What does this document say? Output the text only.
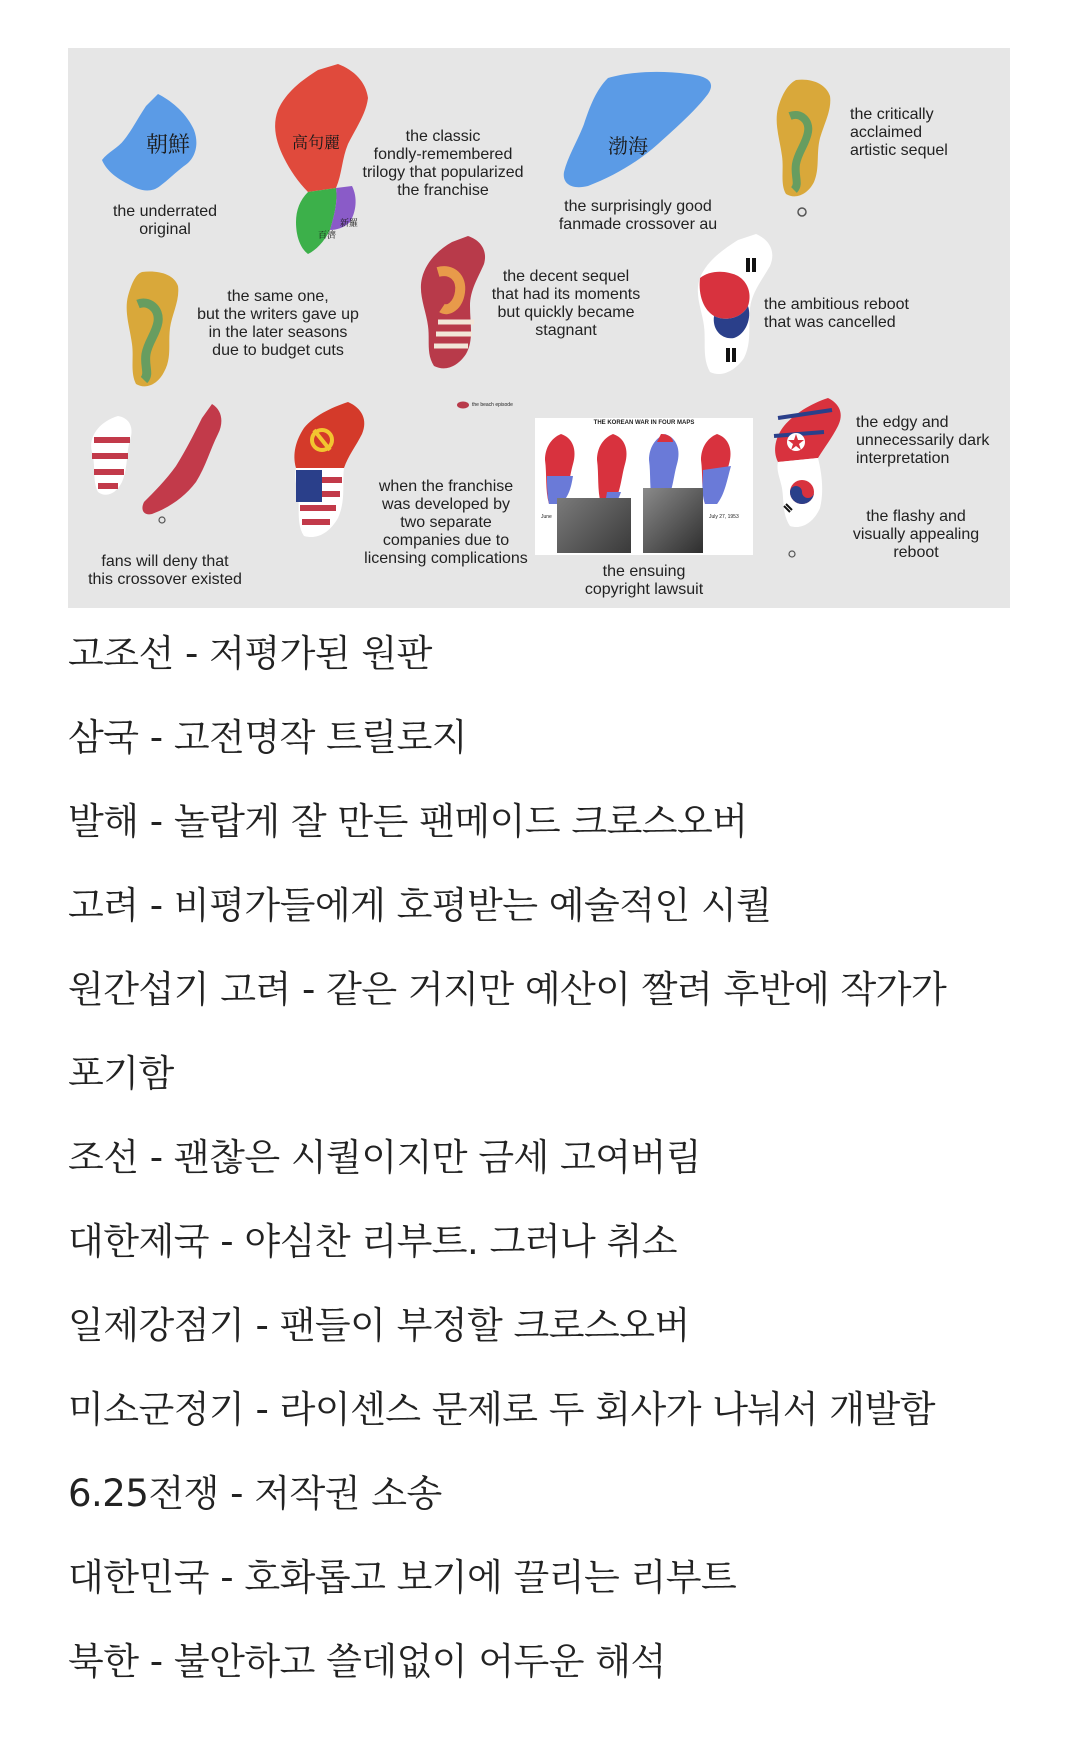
朝鮮
the underrated
original
高句麗
百濟
新羅
the classic
fondly-remembered
trilogy that popularized
the franchise
渤海
the surprisingly good
fanmade crossover au
the critically
acclaimed
artistic sequel
the same one,
but the writers gave up
in the later seasons
due to budget cuts
the beach episode
the decent sequel
that had its moments
but quickly became
stagnant
the ambitious reboot
that was cancelled
fans will deny that
this crossover existed
when the franchise
was developed by
two separate
companies due to
licensing complications
THE KOREAN WAR IN FOUR MAPS
June	July 27, 1953
the ensuing
copyright lawsuit
the edgy and
unnecessarily dark
interpretation
the flashy and
visually appealing
reboot
고조선 - 저평가된 원판
삼국 - 고전명작 트릴로지
발해 - 놀랍게 잘 만든 팬메이드 크로스오버
고려 - 비평가들에게 호평받는 예술적인 시퀄
원간섭기 고려 - 같은 거지만 예산이 짤려 후반에 작가가
포기함
조선 - 괜찮은 시퀄이지만 금세 고여버림
대한제국 - 야심찬 리부트. 그러나 취소
일제강점기 - 팬들이 부정할 크로스오버
미소군정기 - 라이센스 문제로 두 회사가 나눠서 개발함
6.25전쟁 - 저작권 소송
대한민국 - 호화롭고 보기에 끌리는 리부트
북한 - 불안하고 쓸데없이 어두운 해석
